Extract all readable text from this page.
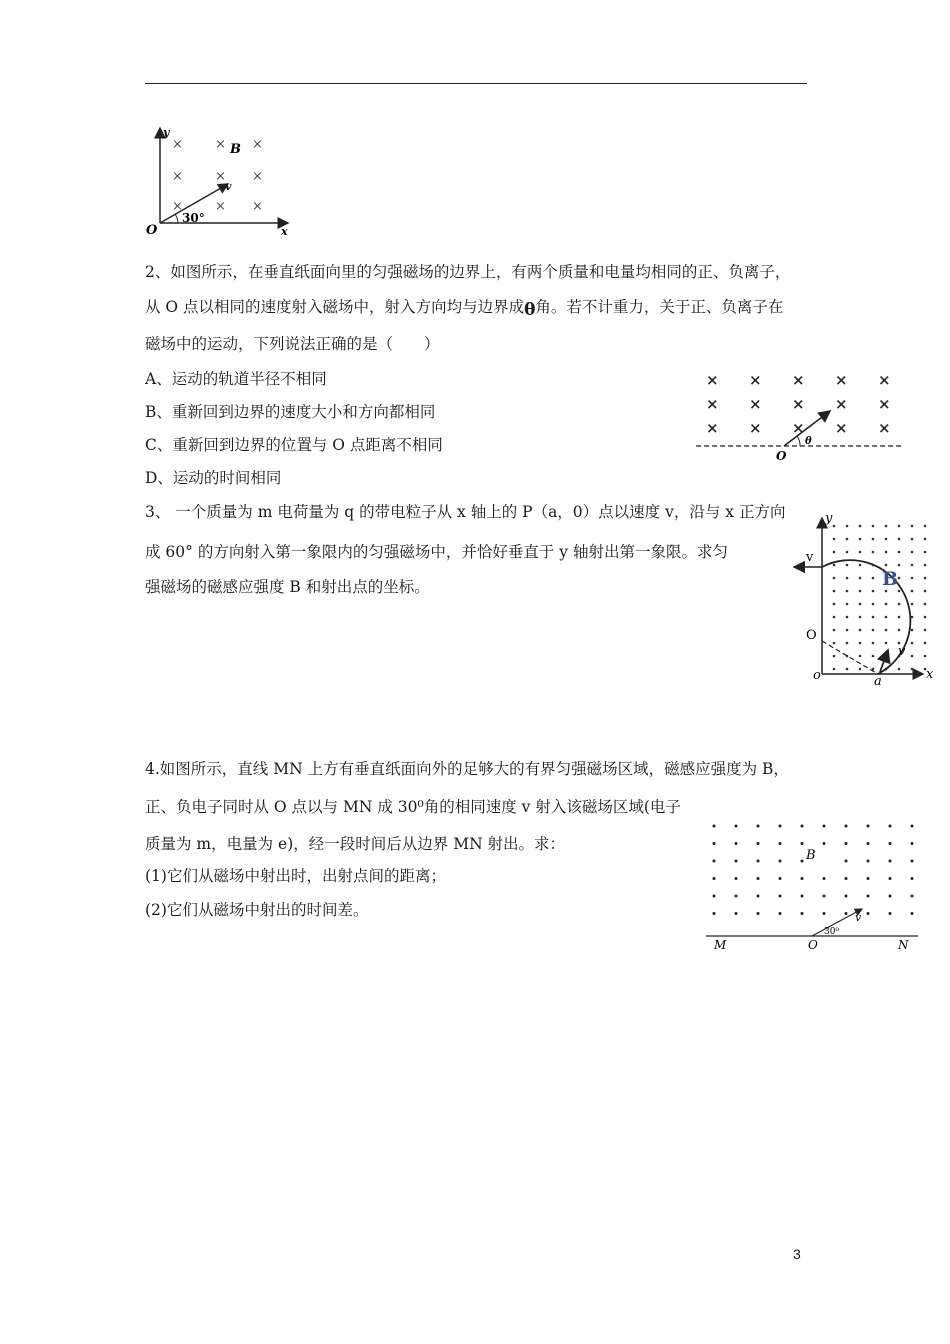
× × ×
× × ×
× × ×
y
B
v
30°
O	x
2、如图所示，在垂直纸面向里的匀强磁场的边界上，有两个质量和电量均相同的正、负离子，
从 O 点以相同的速度射入磁场中，射入方向均与边界成θ角。若不计重力，关于正、负离子在
磁场中的运动，下列说法正确的是（　　）
A、运动的轨道半径不相同
B、重新回到边界的速度大小和方向都相同
C、重新回到边界的位置与 O 点距离不相同
D、运动的时间相同
× × × × ×
× × × × ×
× × × × ×
θ
O
3、 一个质量为 m 电荷量为 q 的带电粒子从 x 轴上的 P（a，0）点以速度 v，沿与 x 正方向
成 60° 的方向射入第一象限内的匀强磁场中，并恰好垂直于 y 轴射出第一象限。求匀
强磁场的磁感应强度 B 和射出点的坐标。
y
v
B
O
v
o	a	x
4.如图所示，直线 MN 上方有垂直纸面向外的足够大的有界匀强磁场区域，磁感应强度为 B，
正、负电子同时从 O 点以与 MN 成 30⁰角的相同速度 v 射入该磁场区域(电子
质量为 m，电量为 e)，经一段时间后从边界 MN 射出。求：
(1)它们从磁场中射出时，出射点间的距离；
(2)它们从磁场中射出的时间差。
B
v
30⁰
M	O	N
3
